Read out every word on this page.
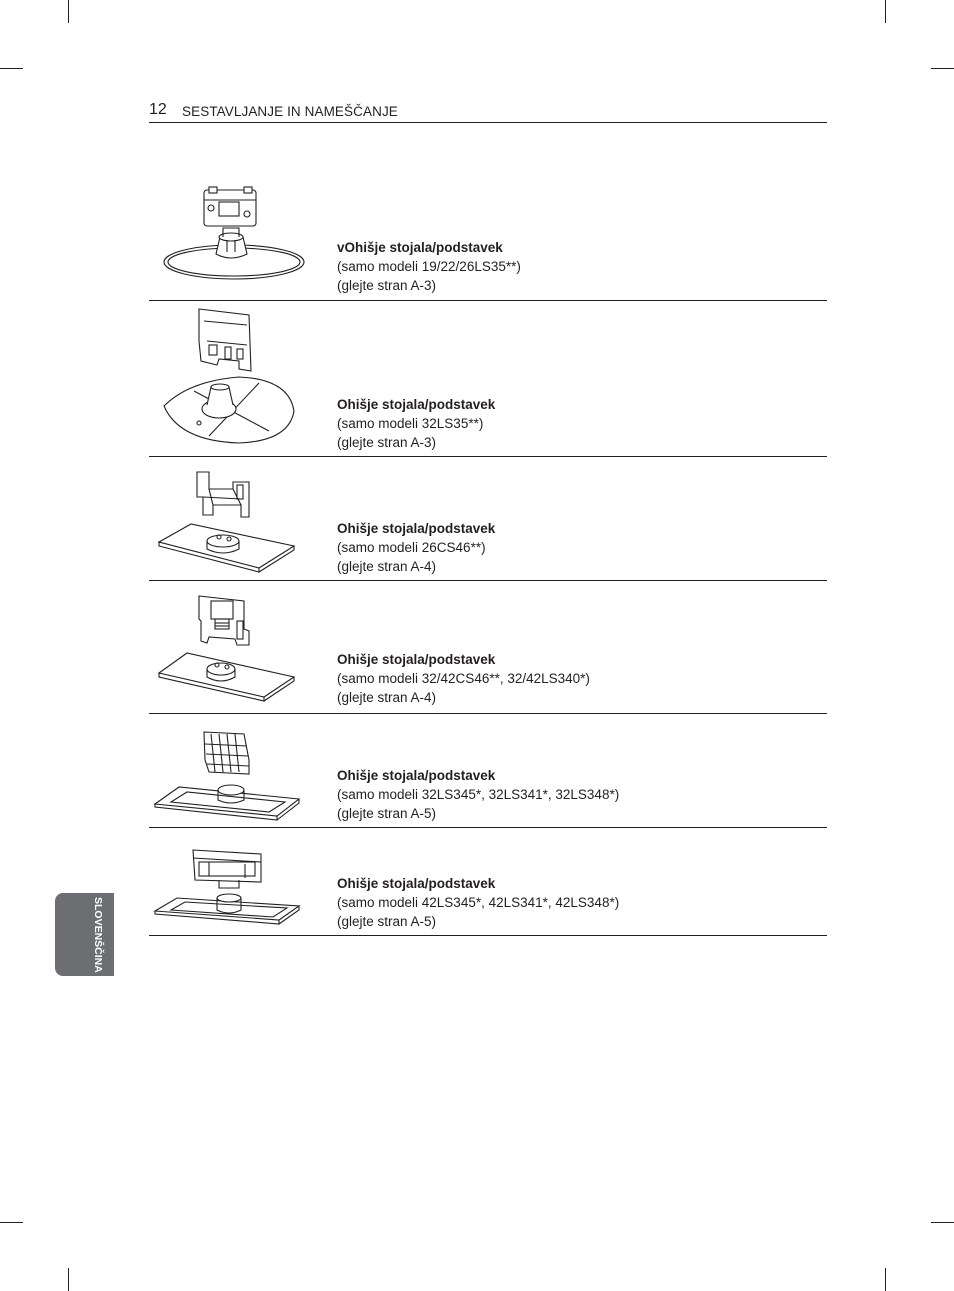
12 SESTAVLJANJE IN NAMEŠČANJE
SLOVENŠČINA
vOhišje stojala/podstavek
(samo modeli 19/22/26LS35**)
(glejte stran A-3)
Ohišje stojala/podstavek
(samo modeli 32LS35**)
(glejte stran A-3)
Ohišje stojala/podstavek
(samo modeli 26CS46**)
(glejte stran A-4)
Ohišje stojala/podstavek
(samo modeli 32/42CS46**, 32/42LS340*)
(glejte stran A-4)
Ohišje stojala/podstavek
(samo modeli 32LS345*, 32LS341*, 32LS348*)
(glejte stran A-5)
Ohišje stojala/podstavek
(samo modeli 42LS345*, 42LS341*, 42LS348*)
(glejte stran A-5)
